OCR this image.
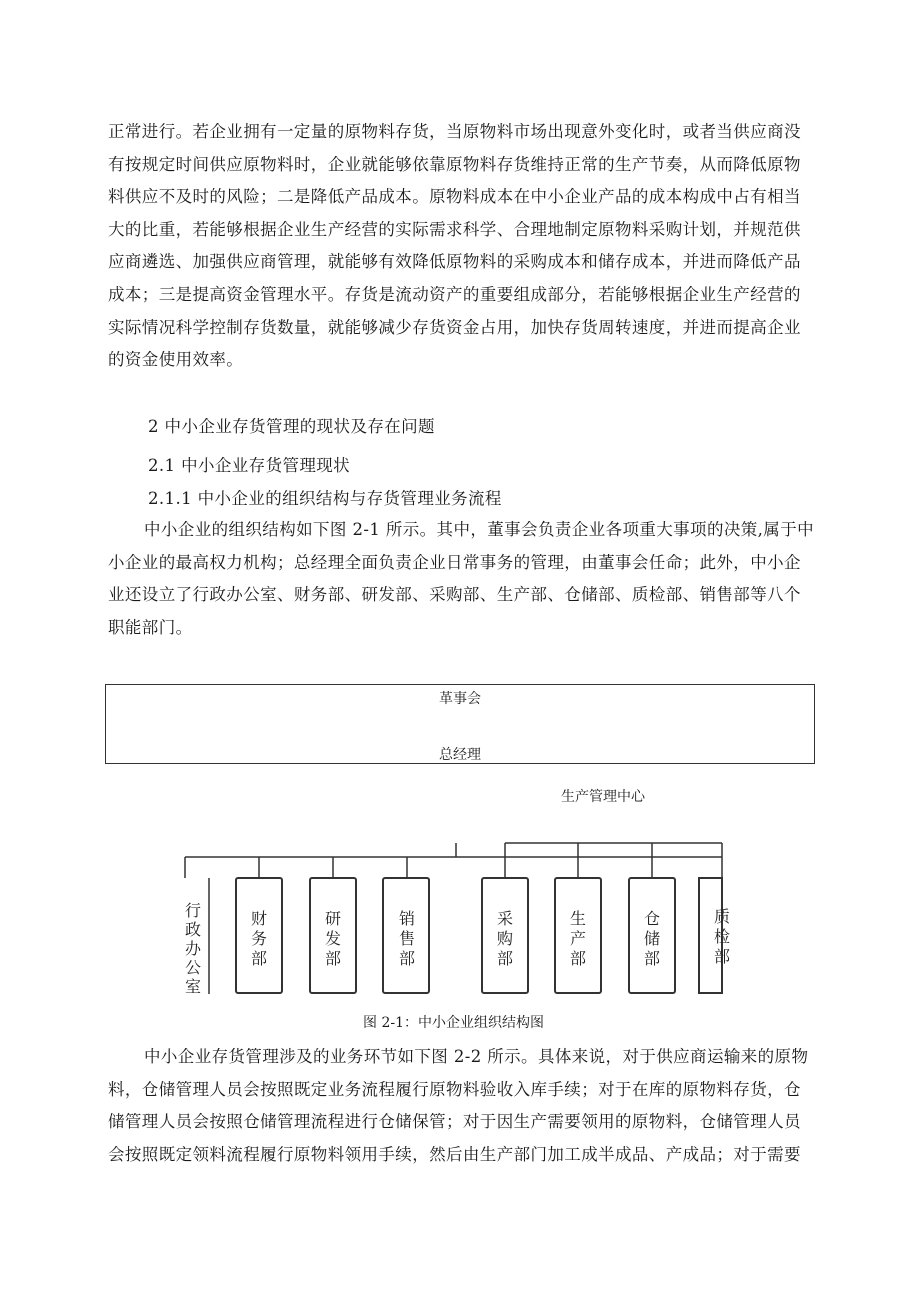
正常进行。若企业拥有一定量的原物料存货，当原物料市场出现意外变化时，或者当供应商没
有按规定时间供应原物料时，企业就能够依靠原物料存货维持正常的生产节奏，从而降低原物
料供应不及时的风险；二是降低产品成本。原物料成本在中小企业产品的成本构成中占有相当
大的比重，若能够根据企业生产经营的实际需求科学、合理地制定原物料采购计划，并规范供
应商遴选、加强供应商管理，就能够有效降低原物料的采购成本和储存成本，并进而降低产品
成本；三是提高资金管理水平。存货是流动资产的重要组成部分，若能够根据企业生产经营的
实际情况科学控制存货数量，就能够减少存货资金占用，加快存货周转速度，并进而提高企业
的资金使用效率。
2 中小企业存货管理的现状及存在问题
2.1 中小企业存货管理现状
2.1.1 中小企业的组织结构与存货管理业务流程
中小企业的组织结构如下图 2-1 所示。其中，董事会负责企业各项重大事项的决策,属于中
小企业的最高权力机构；总经理全面负责企业日常事务的管理，由董事会任命；此外，中小企
业还设立了行政办公室、财务部、研发部、采购部、生产部、仓储部、质检部、销售部等八个
职能部门。
革事会
总经理
生产管理中心
行
政
办
公
室
财
务
部
研
发
部
销
售
部
采
购
部
生
产
部
仓
储
部
质
检
部
图 2-1：中小企业组织结构图
中小企业存货管理涉及的业务环节如下图 2-2 所示。具体来说，对于供应商运输来的原物
料，仓储管理人员会按照既定业务流程履行原物料验收入库手续；对于在库的原物料存货，仓
储管理人员会按照仓储管理流程进行仓储保管；对于因生产需要领用的原物料，仓储管理人员
会按照既定领料流程履行原物料领用手续，然后由生产部门加工成半成品、产成品；对于需要
